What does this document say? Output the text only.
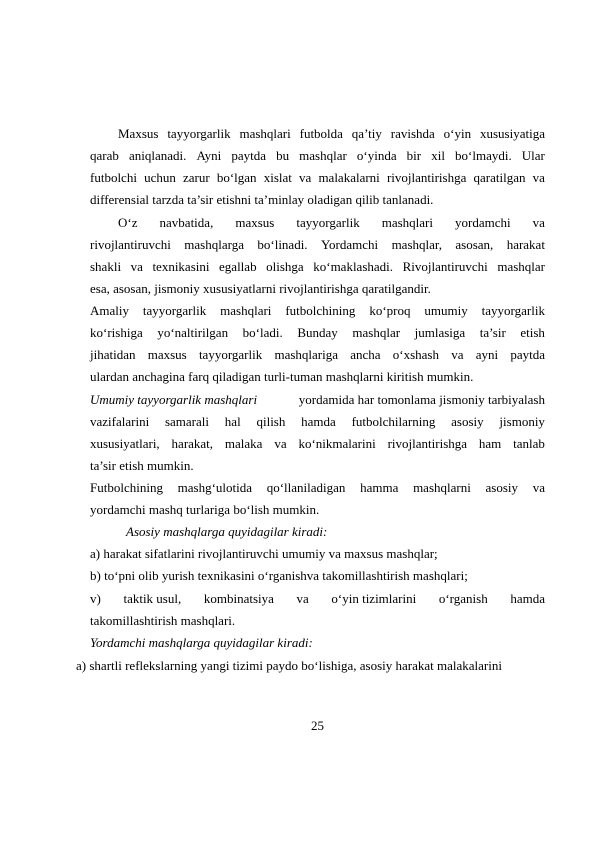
Maxsus tayyorgarlik mashqlari futbolda qa’tiy ravishda o‘yin xususiyatiga
qarab aniqlanadi. Ayni paytda bu mashqlar o‘yinda bir xil bo‘lmaydi. Ular
futbolchi uchun zarur bo‘lgan xislat va malakalarni rivojlantirishga qaratilgan va
differensial tarzda ta’sir etishni ta’minlay oladigan qilib tanlanadi.
O‘z navbatida, maxsus tayyorgarlik mashqlari yordamchi va
rivojlantiruvchi mashqlarga bo‘linadi. Yordamchi mashqlar, asosan, harakat
shakli va texnikasini egallab olishga ko‘maklashadi. Rivojlantiruvchi mashqlar
esa, asosan, jismoniy xususiyatlarni rivojlantirishga qaratilgandir.
Amaliy tayyorgarlik mashqlari futbolchining ko‘proq umumiy tayyorgarlik
ko‘rishiga yo‘naltirilgan bo‘ladi. Bunday mashqlar jumlasiga ta’sir etish
jihatidan maxsus tayyorgarlik mashqlariga ancha o‘xshash va ayni paytda
ulardan anchagina farq qiladigan turli-tuman mashqlarni kiritish mumkin.
Umumiy tayyorgarlik mashqlari	yordamida har tomonlama jismoniy tarbiyalash
vazifalarini samarali hal qilish hamda futbolchilarning asosiy jismoniy
xususiyatlari, harakat, malaka va ko‘nikmalarini rivojlantirishga ham tanlab
ta’sir etish mumkin.
Futbolchining mashg‘ulotida qo‘llaniladigan hamma mashqlarni asosiy va
yordamchi mashq turlariga bo‘lish mumkin.
Asosiy mashqlarga quyidagilar kiradi:
a) harakat sifatlarini rivojlantiruvchi umumiy va maxsus mashqlar;
b) to‘pni olib yurish texnikasini o‘rganishva takomillashtirish mashqlari;
v) taktik usul, kombinatsiya va o‘yin tizimlarini o‘rganish hamda
takomillashtirish mashqlari.
Yordamchi mashqlarga quyidagilar kiradi:
a) shartli reflekslarning yangi tizimi paydo bo‘lishiga, asosiy harakat malakalarini
25
